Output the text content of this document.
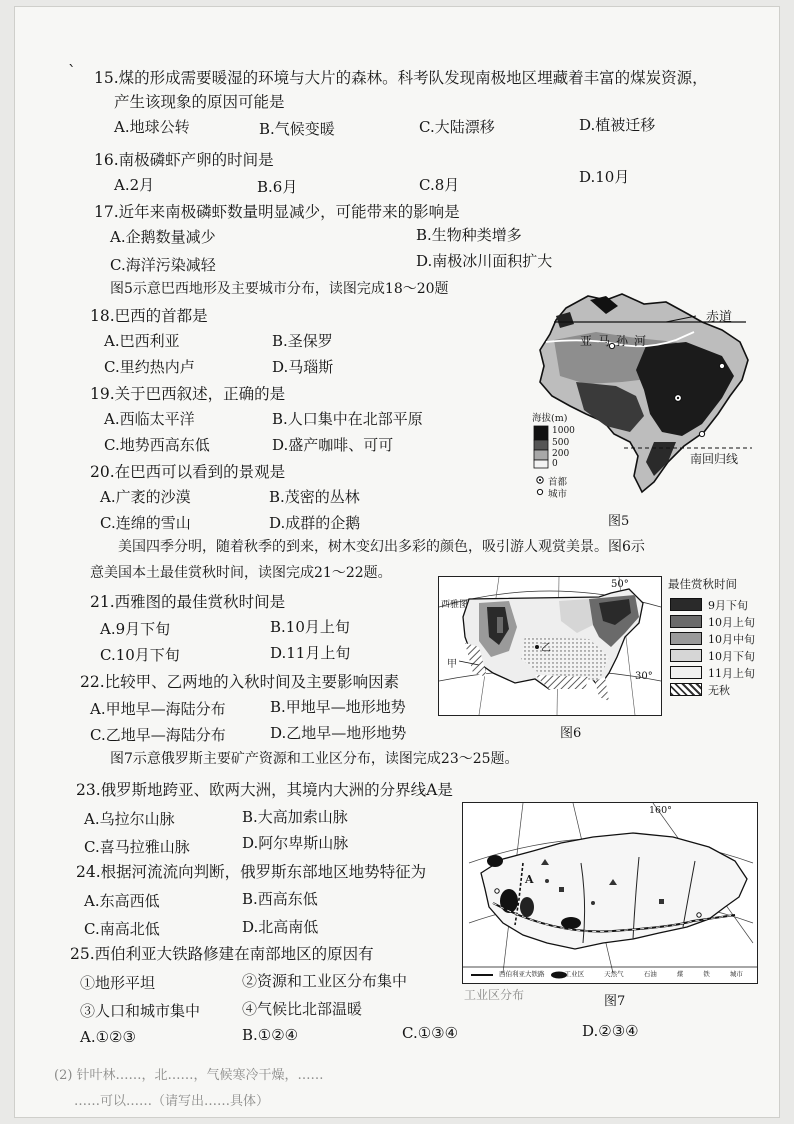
` 15.煤的形成需要暖湿的环境与大片的森林。科考队发现南极地区埋藏着丰富的煤炭资源，
产生该现象的原因可能是
A.地球公转	B.气候变暖	C.大陆漂移	D.植被迁移
16.南极磷虾产卵的时间是
A.2月	B.6月	C.8月	D.10月
17.近年来南极磷虾数量明显减少，可能带来的影响是
A.企鹅数量减少	B.生物种类增多
C.海洋污染减轻	D.南极冰川面积扩大
图5示意巴西地形及主要城市分布，读图完成18～20题
18.巴西的首都是
A.巴西利亚	B.圣保罗
C.里约热内卢	D.马瑙斯
19.关于巴西叙述，正确的是
A.西临太平洋	B.人口集中在北部平原
C.地势西高东低	D.盛产咖啡、可可
20.在巴西可以看到的景观是
A.广袤的沙漠	B.茂密的丛林
C.连绵的雪山	D.成群的企鹅
赤道
亚马孙河
南回归线
海拔(m)
1000
500
200
0
首都
城市
图5
美国四季分明，随着秋季的到来，树木变幻出多彩的颜色，吸引游人观赏美景。图6示
意美国本土最佳赏秋时间，读图完成21～22题。
21.西雅图的最佳赏秋时间是
A.9月下旬	B.10月上旬
C.10月下旬	D.11月上旬
22.比较甲、乙两地的入秋时间及主要影响因素
A.甲地早—海陆分布	B.甲地早—地形地势
C.乙地早—海陆分布	D.乙地早—地形地势
50°
30°
西雅图
甲
乙
最佳赏秋时间
9月下旬
10月上旬
10月中旬
10月下旬
11月上旬
无秋
图6
图7示意俄罗斯主要矿产资源和工业区分布，读图完成23～25题。
23.俄罗斯地跨亚、欧两大洲，其境内大洲的分界线A是
A.乌拉尔山脉	B.大高加索山脉
C.喜马拉雅山脉	D.阿尔卑斯山脉
24.根据河流流向判断，俄罗斯东部地区地势特征为
A.东高西低	B.西高东低
C.南高北低	D.北高南低
25.西伯利亚大铁路修建在南部地区的原因有
①地形平坦	②资源和工业区分布集中
③人口和城市集中	④气候比北部温暖
A.①②③	B.①②④	C.①③④	D.②③④
160°
A
西伯利亚大铁路 工业区 天然气 石油 煤 铁 城市
图7
工业区分布
(2) 针叶林……，北……，气候寒冷干燥，……
……可以……（请写出……具体）
